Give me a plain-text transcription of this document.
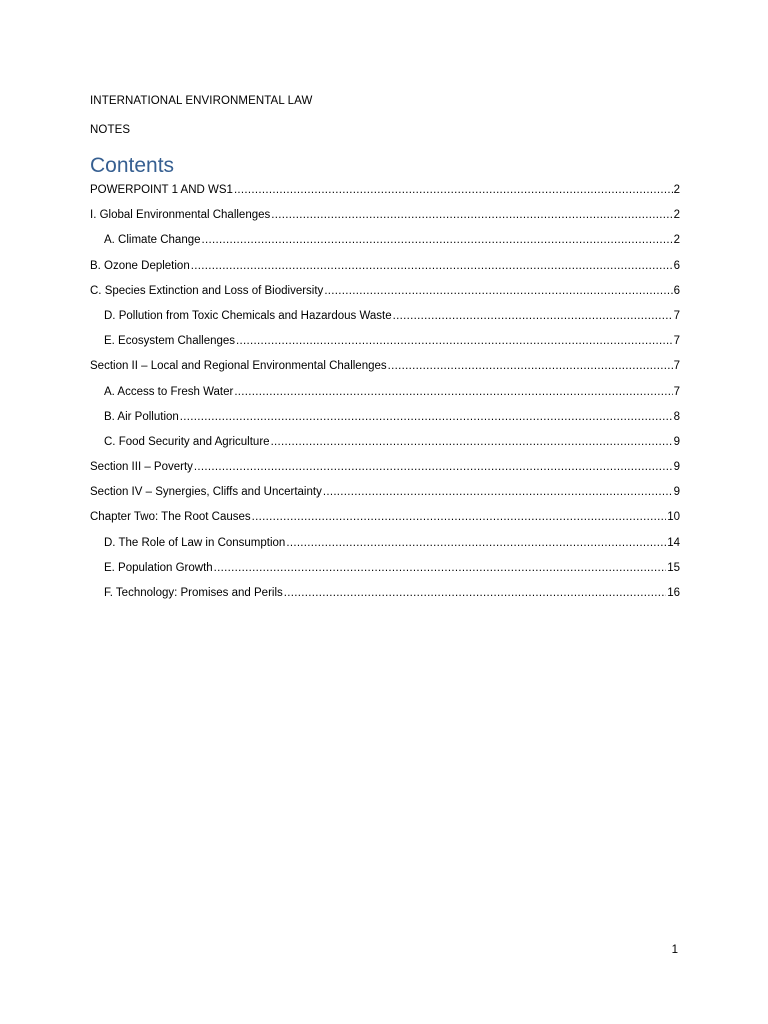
INTERNATIONAL ENVIRONMENTAL LAW
NOTES
Contents
POWERPOINT 1 AND WS1 .....	2
I. Global Environmental Challenges .....	2
A. Climate Change .....	2
B. Ozone Depletion .....	6
C. Species Extinction and Loss of Biodiversity .....	6
D. Pollution from Toxic Chemicals and Hazardous Waste .....	7
E. Ecosystem Challenges .....	7
Section II – Local and Regional Environmental Challenges .....	7
A. Access to Fresh Water .....	7
B. Air Pollution .....	8
C. Food Security and Agriculture .....	9
Section III – Poverty .....	9
Section IV – Synergies, Cliffs and Uncertainty .....	9
Chapter Two: The Root Causes .....	10
D. The Role of Law in Consumption .....	14
E. Population Growth .....	15
F. Technology: Promises and Perils .....	16
1
